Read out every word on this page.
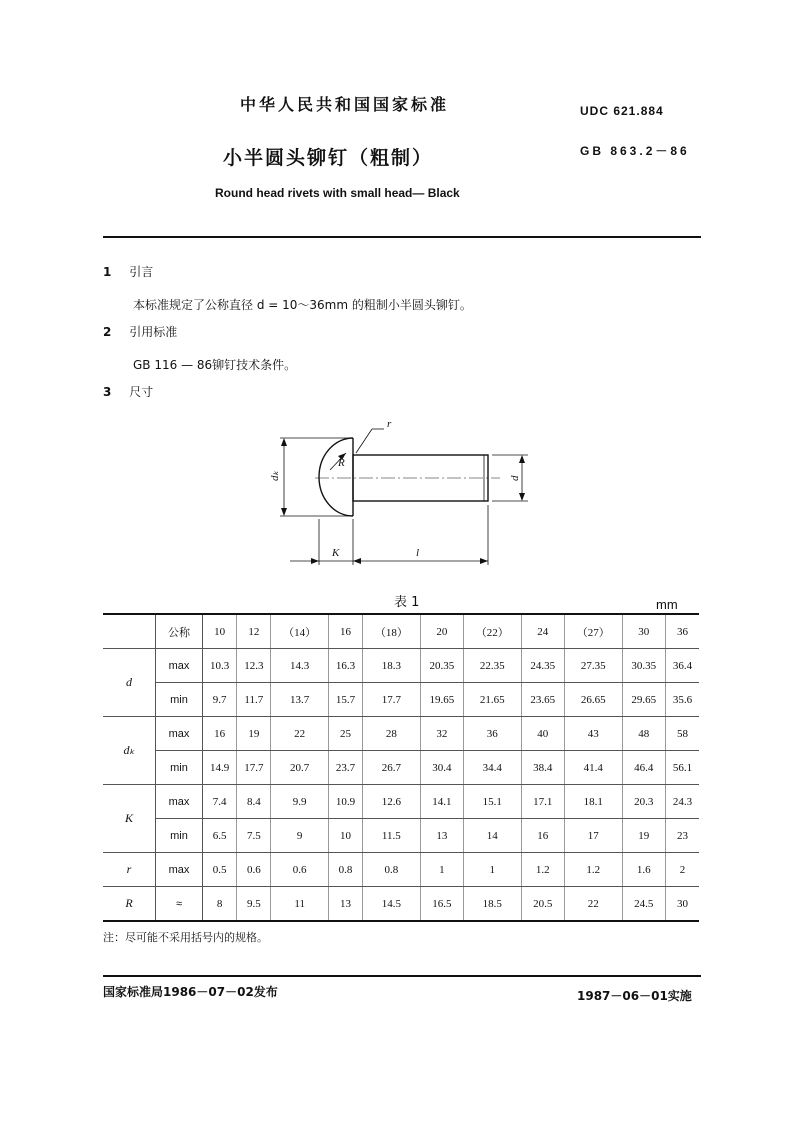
中华人民共和国国家标准	UDC 621.884
小半圆头铆钉（粗制）	GB 863.2－86
Round head rivets with small head— Black
1 引言
本标准规定了公称直径 d = 10～36mm 的粗制小半圆头铆钉。
2 引用标准
GB 116 — 86铆钉技术条件。
3 尺寸
r
R
dₖ	d
K	l
表 1	mm
	公称	10	12	（14）	16	（18）	20	（22）	24	（27）	30	36
d	max	10.3	12.3	14.3	16.3	18.3	20.35	22.35	24.35	27.35	30.35	36.4
	min	9.7	11.7	13.7	15.7	17.7	19.65	21.65	23.65	26.65	29.65	35.6
dₖ	max	16	19	22	25	28	32	36	40	43	48	58
	min	14.9	17.7	20.7	23.7	26.7	30.4	34.4	38.4	41.4	46.4	56.1
K	max	7.4	8.4	9.9	10.9	12.6	14.1	15.1	17.1	18.1	20.3	24.3
	min	6.5	7.5	9	10	11.5	13	14	16	17	19	23
r	max	0.5	0.6	0.6	0.8	0.8	1	1	1.2	1.2	1.6	2
R	≈	8	9.5	11	13	14.5	16.5	18.5	20.5	22	24.5	30
注：尽可能不采用括号内的规格。
国家标准局1986－07－02发布	1987－06－01实施
